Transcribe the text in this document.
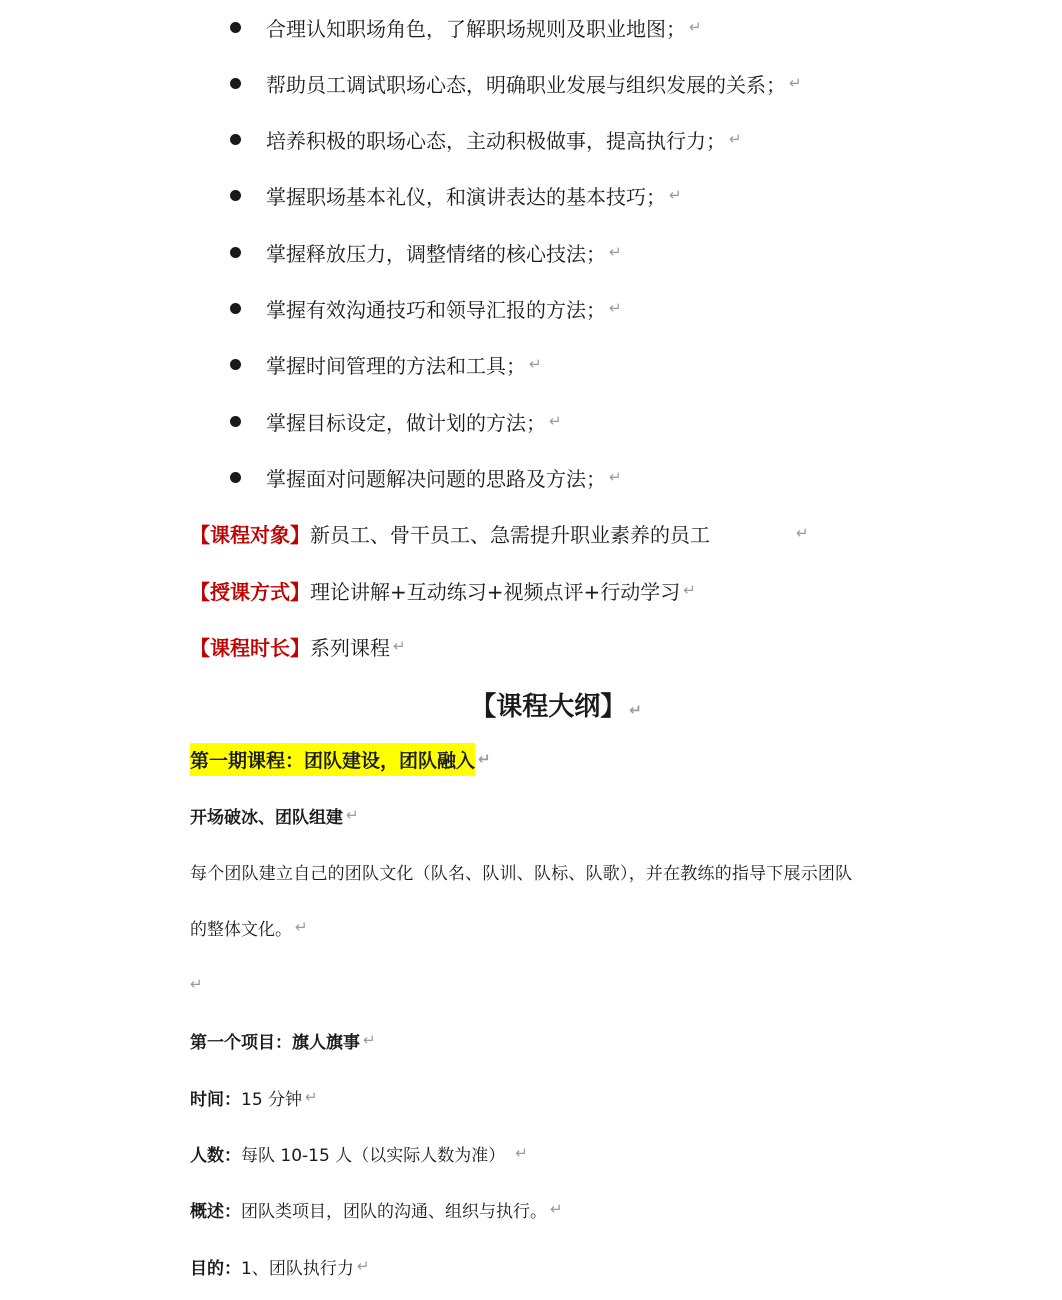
合理认知职场角色，了解职场规则及职业地图； ↵
帮助员工调试职场心态，明确职业发展与组织发展的关系； ↵
培养积极的职场心态，主动积极做事，提高执行力； ↵
掌握职场基本礼仪，和演讲表达的基本技巧； ↵
掌握释放压力，调整情绪的核心技法； ↵
掌握有效沟通技巧和领导汇报的方法； ↵
掌握时间管理的方法和工具； ↵
掌握目标设定，做计划的方法； ↵
掌握面对问题解决问题的思路及方法； ↵
【课程对象】 新员工、骨干员工、急需提升职业素养的员工	↵
【授课方式】 理论讲解+互动练习+视频点评+行动学习 ↵
【课程时长】 系列课程 ↵
【课程大纲】 ↵
第一期课程：团队建设，团队融入 ↵
开场破冰、团队组建 ↵
每个团队建立自己的团队文化（队名、队训、队标、队歌），并在教练的指导下展示团队
的整体文化。 ↵
↵
第一个项目：旗人旗事 ↵
时间： 15 分钟 ↵
人数： 每队 10-15 人（以实际人数为准） ↵
概述： 团队类项目，团队的沟通、组织与执行。 ↵
目的： 1、团队执行力 ↵
